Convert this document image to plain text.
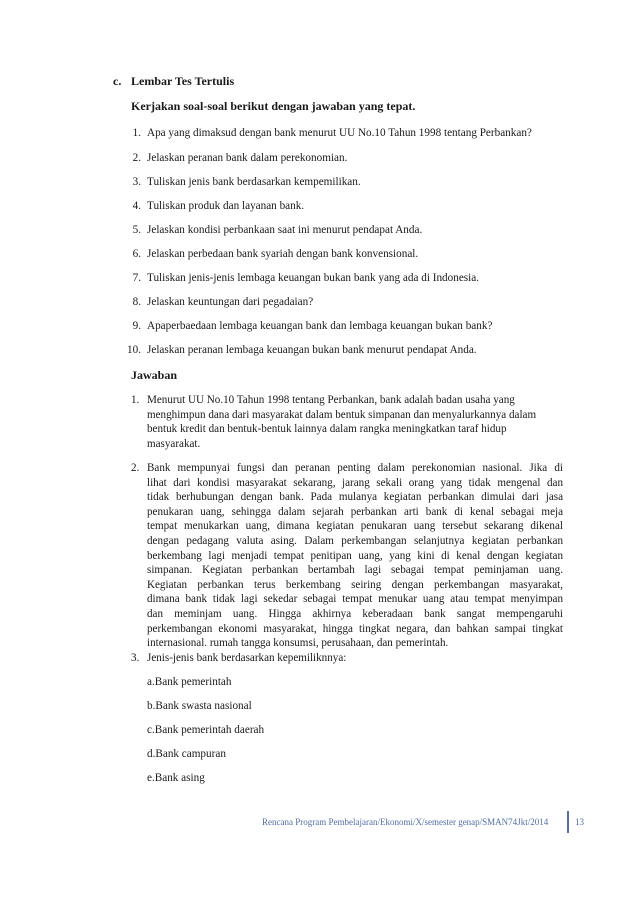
c. Lembar Tes Tertulis
Kerjakan soal-soal berikut dengan jawaban yang tepat.
1. Apa yang dimaksud dengan bank menurut UU No.10 Tahun 1998 tentang Perbankan?
2. Jelaskan peranan bank dalam perekonomian.
3. Tuliskan jenis bank berdasarkan kempemilikan.
4. Tuliskan produk dan layanan bank.
5. Jelaskan kondisi perbankaan saat ini menurut pendapat Anda.
6. Jelaskan perbedaan bank syariah dengan bank konvensional.
7. Tuliskan jenis-jenis lembaga keuangan bukan bank yang ada di Indonesia.
8. Jelaskan keuntungan dari pegadaian?
9. Apaperbaedaan lembaga keuangan bank dan lembaga keuangan bukan bank?
10. Jelaskan peranan lembaga keuangan bukan bank menurut pendapat Anda.
Jawaban
1. Menurut UU No.10 Tahun 1998 tentang Perbankan, bank adalah badan usaha yang

menghimpun dana dari masyarakat dalam bentuk simpanan dan menyalurkannya dalam

bentuk kredit dan bentuk-bentuk lainnya dalam rangka meningkatkan taraf hidup

masyarakat.

2. Bank mempunyai fungsi dan peranan penting dalam perekonomian nasional. Jika di

lihat dari kondisi masyarakat sekarang, jarang sekali orang yang tidak mengenal dan

tidak berhubungan dengan bank. Pada mulanya kegiatan perbankan dimulai dari jasa

penukaran uang, sehingga dalam sejarah perbankan arti bank di kenal sebagai meja

tempat menukarkan uang, dimana kegiatan penukaran uang tersebut sekarang dikenal

dengan pedagang valuta asing. Dalam perkembangan selanjutnya kegiatan perbankan

berkembang lagi menjadi tempat penitipan uang, yang kini di kenal dengan kegiatan

simpanan. Kegiatan perbankan bertambah lagi sebagai tempat peminjaman uang.

Kegiatan perbankan terus berkembang seiring dengan perkembangan masyarakat,

dimana bank tidak lagi sekedar sebagai tempat menukar uang atau tempat menyimpan

dan meminjam uang. Hingga akhirnya keberadaan bank sangat mempengaruhi

perkembangan ekonomi masyarakat, hingga tingkat negara, dan bahkan sampai tingkat

internasional. rumah tangga konsumsi, perusahaan, dan pemerintah.

3. Jenis-jenis bank berdasarkan kepemiliknnya:

a.Bank pemerintah
b.Bank swasta nasional
c.Bank pemerintah daerah
d.Bank campuran
e.Bank asing
Rencana Program Pembelajaran/Ekonomi/X/semester genap/SMAN74Jkt/2014	13
